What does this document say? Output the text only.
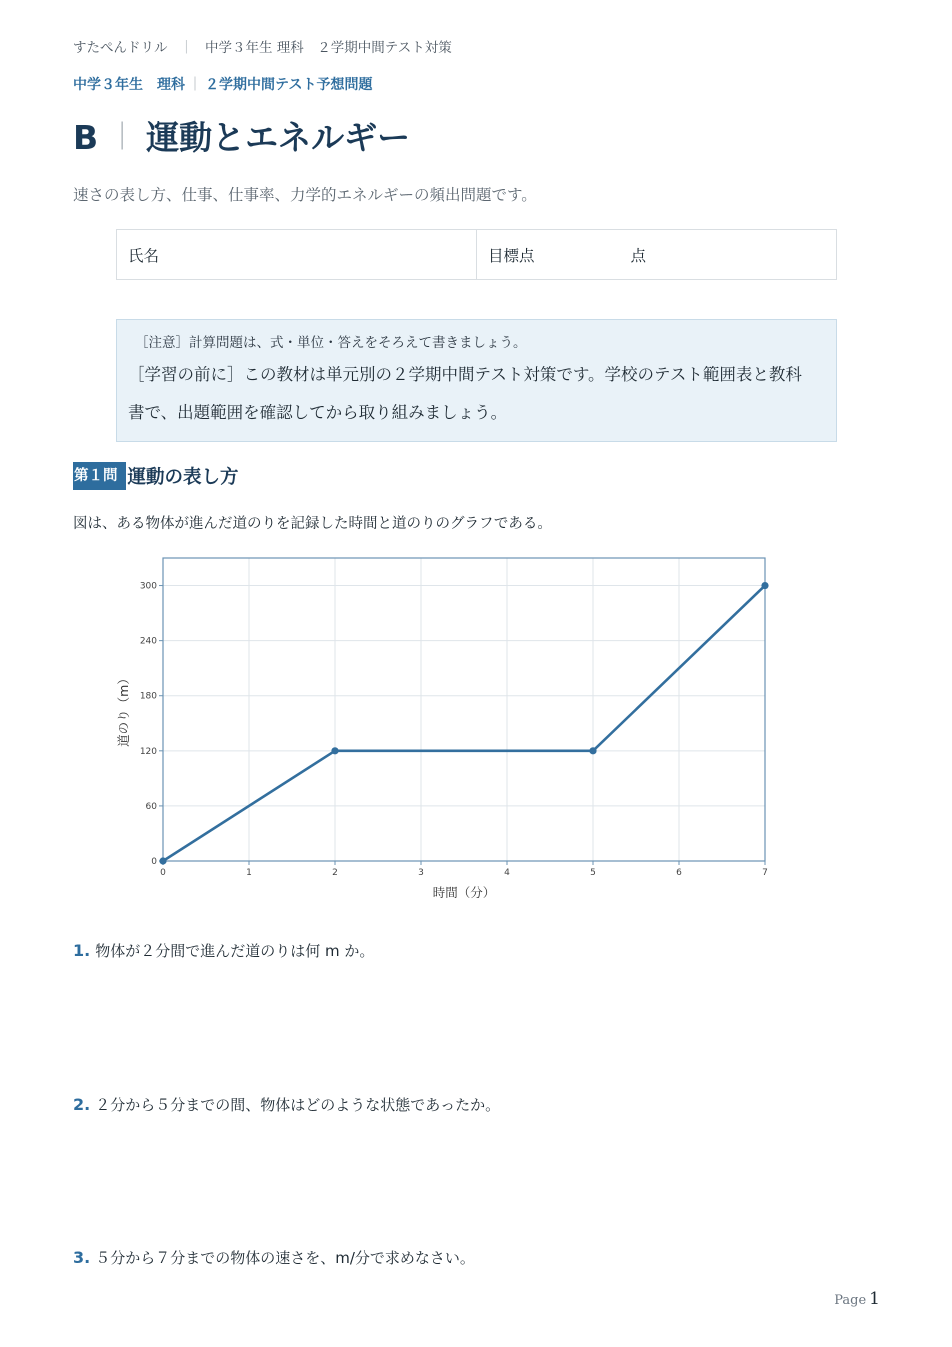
すたぺんドリル ｜ 中学３年生 理科　２学期中間テスト対策
中学３年生　理科 ｜ ２学期中間テスト予想問題
B ｜ 運動とエネルギー
速さの表し方、仕事、仕事率、力学的エネルギーの頻出問題です。
氏名	目標点	点
［注意］計算問題は、式・単位・答えをそろえて書きましょう。
［学習の前に］この教材は単元別の２学期中間テスト対策です。学校のテスト範囲表と教科
書で、出題範囲を確認してから取り組みましょう。
第１問 運動の表し方
図は、ある物体が進んだ道のりを記録した時間と道のりのグラフである。
0	1	2	3	4	5	6	7
0
60
120
180
240
300
時間（分）
道のり（m）
1. 物体が２分間で進んだ道のりは何 m か。
2. ２分から５分までの間、物体はどのような状態であったか。
3. ５分から７分までの物体の速さを、m/分で求めなさい。
Page 1
